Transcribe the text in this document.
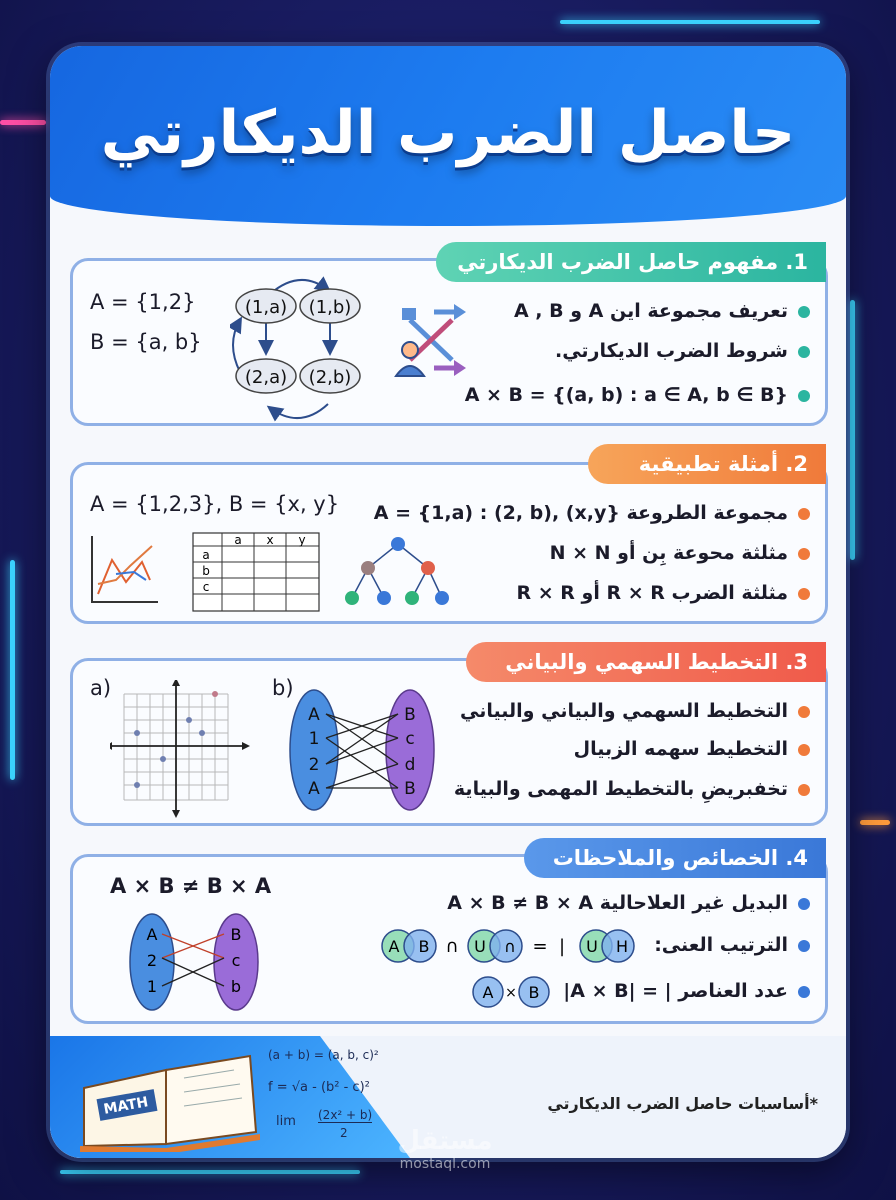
حاصل الضرب الديكارتي
1. مفهوم حاصل الضرب الديكارتي
A = {1,2}
B = {a, b}
(1,a) (1,b)
(2,a) (2,b)
تعريف مجموعة اين A و A , B
شروط الضرب الديكارتي.
A × B = {(a, b) : a ∈ A, b ∈ B}
2. أمثلة تطبيقية
A = {1,2,3}, B = {x, y}
a x y
a
b
c
مجموعة الطروعة {A = {1,a) : (2, b), (x,y
مثلثة محوعة بِن أو N × N
مثلثة الضرب R × R أو R × R
3. التخطيط السهمي والبياني
a)	b)
A
1
2
A
B
c
d
B
التخطيط السهمي والبياني والبياني
التخطيط سهمه الزبيال
تخفبريضِ بالتخطيط المهمى والبياية
4. الخصائص والملاحظات
A × B ≠ B × A
A
2
1
B
c
b
البديل غير العلاحالية A × B ≠ B × A
الترتيب العنى:
عدد العناصر | = |A × B|
A B ∩ U ∩ = | U H
A × B
MATH
(a + b) = (a, b, c)²
f = √a - (b² - c)²
lim (2x² + b)
2
*أساسيات حاصل الضرب الديكارتي
مستقل
mostaql.com
